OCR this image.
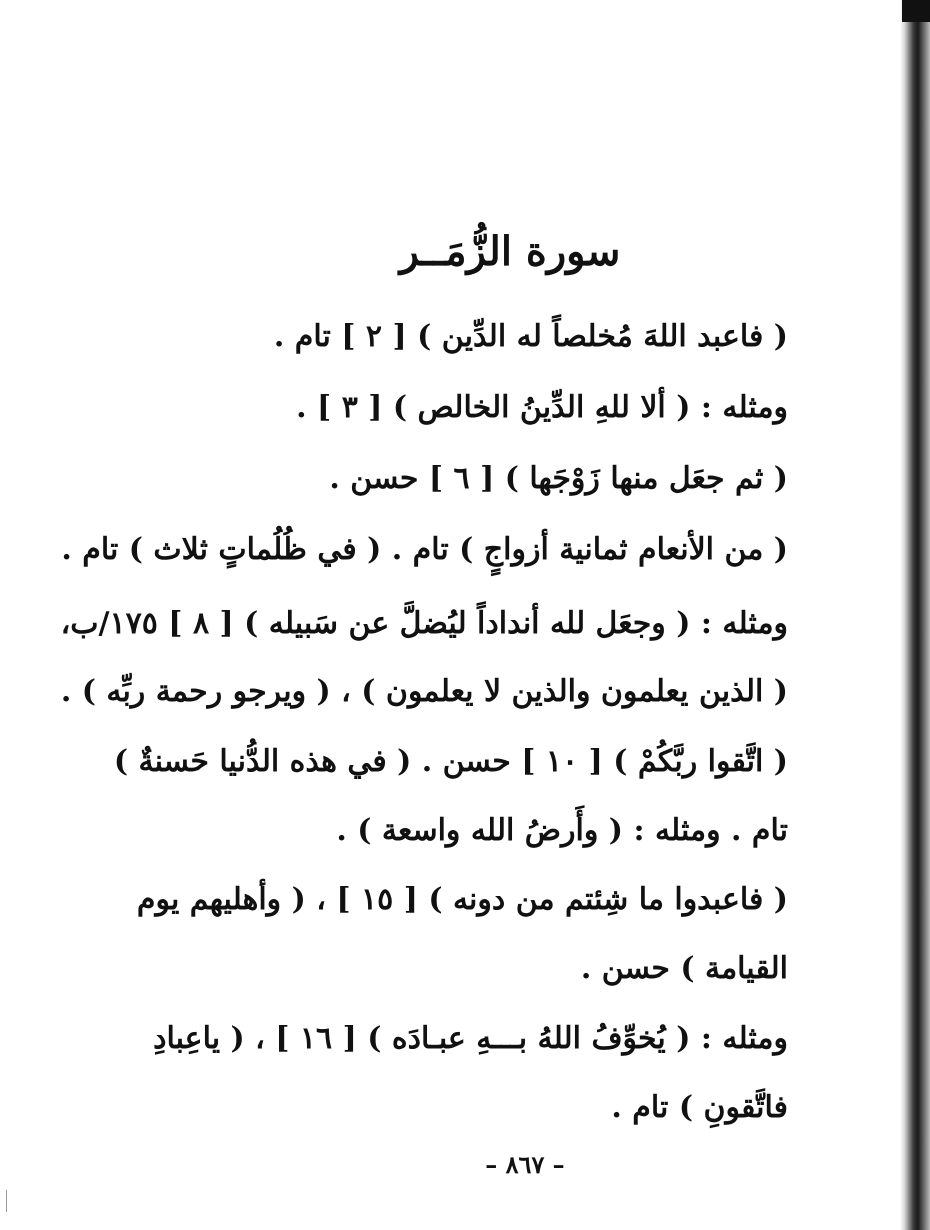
سورة الزُّمَــر
( فاعبد اللهَ مُخلصاً له الدِّين ) [ ٢ ] تام .
ومثله : ( ألا للهِ الدِّينُ الخالص ) [ ٣ ] .
( ثم جعَل منها زَوْجَها ) [ ٦ ] حسن .
( من الأنعام ثمانية أزواجٍ ) تام . ( في ظُلُماتٍ ثلاث ) تام .
ومثله : ( وجعَل لله أنداداً ليُضلَّ عن سَبيله ) [ ٨ ] ١٧٥/ب،
( الذين يعلمون والذين لا يعلمون ) ، ( ويرجو رحمة ربِّه ) .
( اتَّقوا ربَّكُمْ ) [ ١٠ ] حسن . ( في هذه الدُّنيا حَسنةٌ )
تام . ومثله : ( وأَرضُ الله واسعة ) .
( فاعبدوا ما شِئتم من دونه ) [ ١٥ ] ، ( وأهليهم يوم
القيامة ) حسن .
ومثله : ( يُخوِّفُ اللهُ بـــهِ عبـادَه ) [ ١٦ ] ، ( ياعِبادِ
فاتَّقونِ ) تام .
– ٨٦٧ –
